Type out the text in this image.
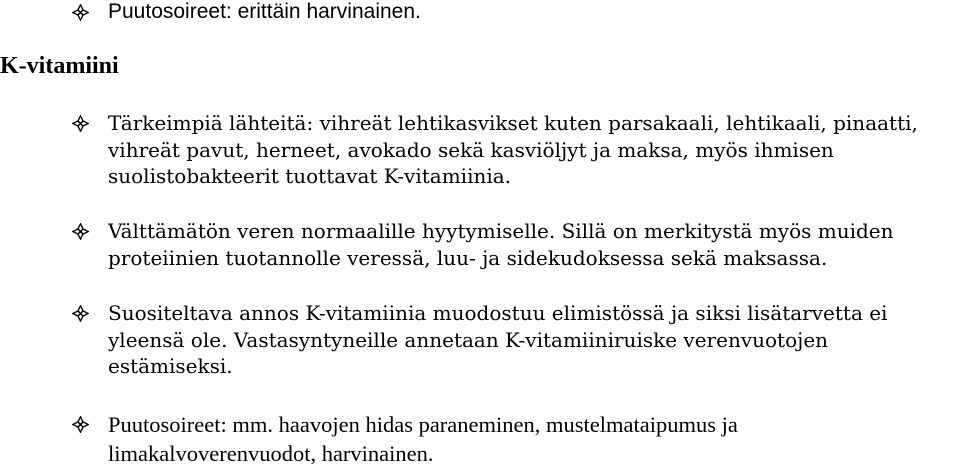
Puutosoireet: erittäin harvinainen.
K-vitamiini
Tärkeimpiä lähteitä: vihreät lehtikasvikset kuten parsakaali, lehtikaali, pinaatti,
vihreät pavut, herneet, avokado sekä kasviöljyt ja maksa, myös ihmisen
suolistobakteerit tuottavat K-vitamiinia.
Välttämätön veren normaalille hyytymiselle. Sillä on merkitystä myös muiden
proteiinien tuotannolle veressä, luu- ja sidekudoksessa sekä maksassa.
Suositeltava annos K-vitamiinia muodostuu elimistössä ja siksi lisätarvetta ei
yleensä ole. Vastasyntyneille annetaan K-vitamiiniruiske verenvuotojen
estämiseksi.
Puutosoireet: mm. haavojen hidas paraneminen, mustelmataipumus ja
limakalvoverenvuodot, harvinainen.
